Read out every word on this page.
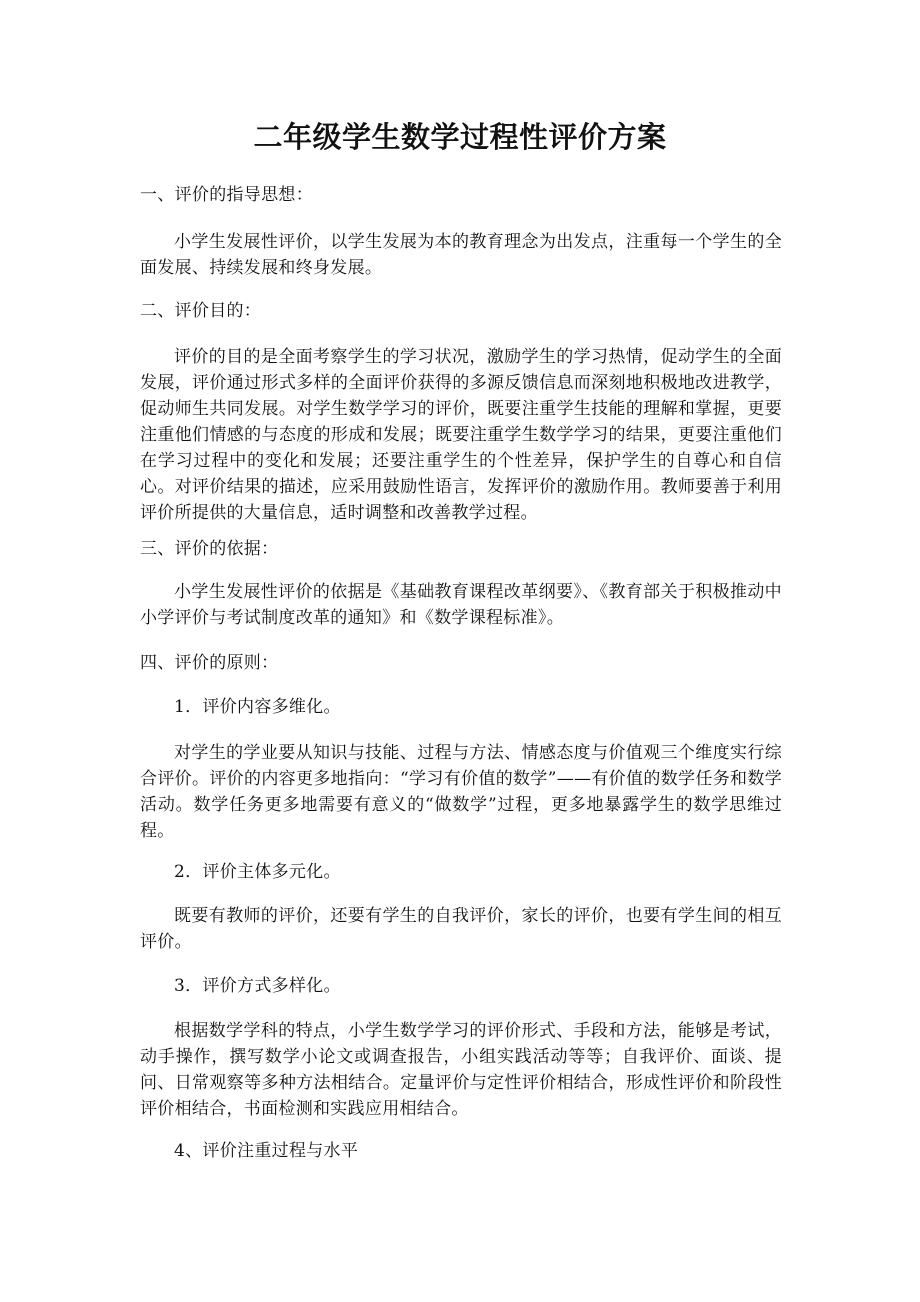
二年级学生数学过程性评价方案
一、评价的指导思想：
小学生发展性评价，以学生发展为本的教育理念为出发点，注重每一个学生的全面发展、持续发展和终身发展。
二、评价目的：
评价的目的是全面考察学生的学习状况，激励学生的学习热情，促动学生的全面发展，评价通过形式多样的全面评价获得的多源反馈信息而深刻地积极地改进教学，促动师生共同发展。对学生数学学习的评价，既要注重学生技能的理解和掌握，更要注重他们情感的与态度的形成和发展；既要注重学生数学学习的结果，更要注重他们在学习过程中的变化和发展；还要注重学生的个性差异，保护学生的自尊心和自信心。对评价结果的描述，应采用鼓励性语言，发挥评价的激励作用。教师要善于利用评价所提供的大量信息，适时调整和改善教学过程。
三、评价的依据：
小学生发展性评价的依据是《基础教育课程改革纲要》、《教育部关于积极推动中小学评价与考试制度改革的通知》和《数学课程标准》。
四、评价的原则：
1．评价内容多维化。
对学生的学业要从知识与技能、过程与方法、情感态度与价值观三个维度实行综合评价。评价的内容更多地指向：“学习有价值的数学”——有价值的数学任务和数学活动。数学任务更多地需要有意义的“做数学”过程，更多地暴露学生的数学思维过程。
2．评价主体多元化。
既要有教师的评价，还要有学生的自我评价，家长的评价，也要有学生间的相互评价。
3．评价方式多样化。
根据数学学科的特点，小学生数学学习的评价形式、手段和方法，能够是考试，动手操作，撰写数学小论文或调查报告，小组实践活动等等；自我评价、面谈、提问、日常观察等多种方法相结合。定量评价与定性评价相结合，形成性评价和阶段性评价相结合，书面检测和实践应用相结合。
4、评价注重过程与水平
